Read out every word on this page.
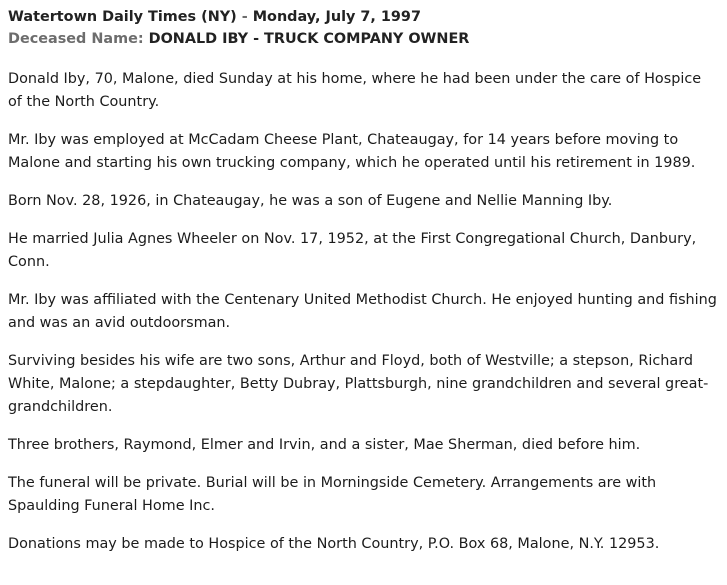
Watertown Daily Times (NY) - Monday, July 7, 1997
Deceased Name: DONALD IBY - TRUCK COMPANY OWNER

Donald Iby, 70, Malone, died Sunday at his home, where he had been under the care of Hospice of the North Country.

Mr. Iby was employed at McCadam Cheese Plant, Chateaugay, for 14 years before moving to Malone and starting his own trucking company, which he operated until his retirement in 1989.

Born Nov. 28, 1926, in Chateaugay, he was a son of Eugene and Nellie Manning Iby.

He married Julia Agnes Wheeler on Nov. 17, 1952, at the First Congregational Church, Danbury, Conn.

Mr. Iby was affiliated with the Centenary United Methodist Church. He enjoyed hunting and fishing and was an avid outdoorsman.

Surviving besides his wife are two sons, Arthur and Floyd, both of Westville; a stepson, Richard White, Malone; a stepdaughter, Betty Dubray, Plattsburgh, nine grandchildren and several great-grandchildren.

Three brothers, Raymond, Elmer and Irvin, and a sister, Mae Sherman, died before him.

The funeral will be private. Burial will be in Morningside Cemetery. Arrangements are with Spaulding Funeral Home Inc.

Donations may be made to Hospice of the North Country, P.O. Box 68, Malone, N.Y. 12953.
